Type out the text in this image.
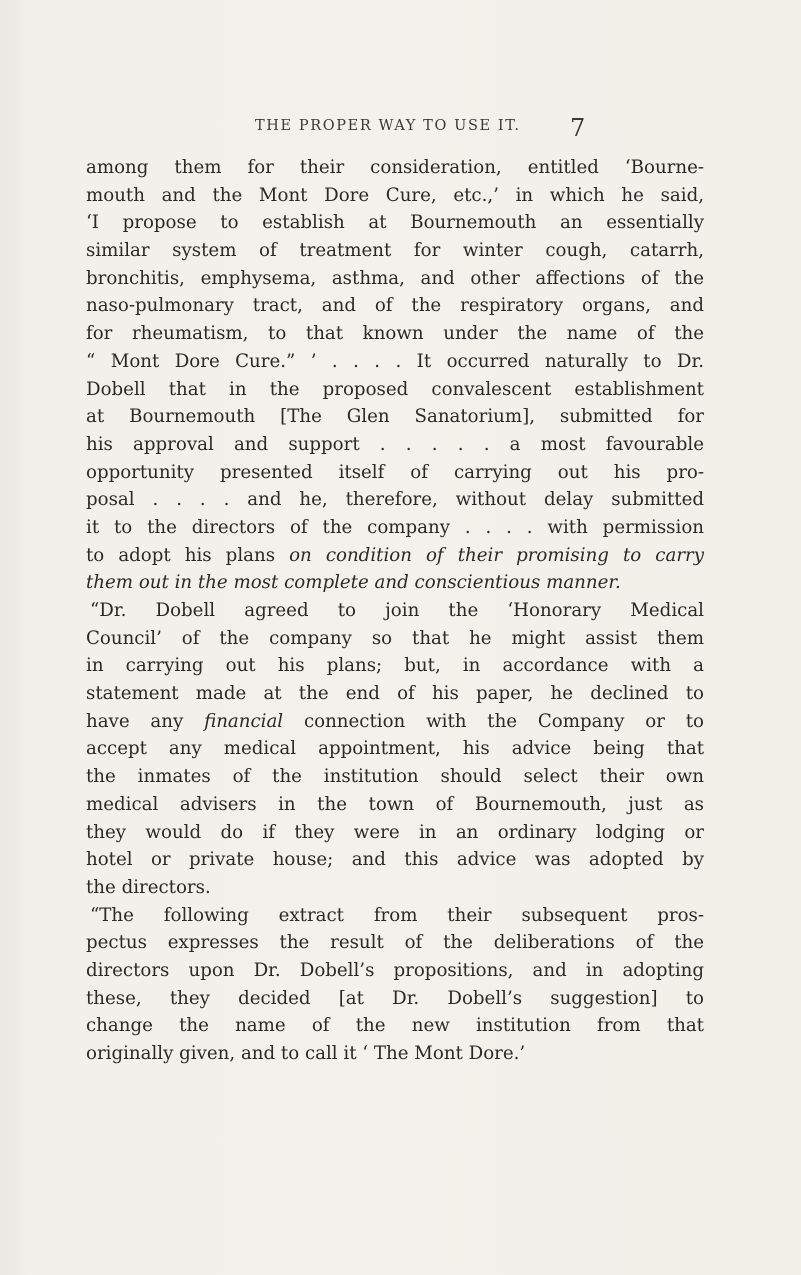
THE PROPER WAY TO USE IT. 7
among them for their consideration, entitled ‘Bourne-
mouth and the Mont Dore Cure, etc.,’ in which he said,
‘I propose to establish at Bournemouth an essentially
similar system of treatment for winter cough, catarrh,
bronchitis, emphysema, asthma, and other affections of the
naso-pulmonary tract, and of the respiratory organs, and
for rheumatism, to that known under the name of the
“ Mont Dore Cure.” ’ . . . . It occurred naturally to Dr.
Dobell that in the proposed convalescent establishment
at Bournemouth [The Glen Sanatorium], submitted for
his approval and support . . . . . a most favourable
opportunity presented itself of carrying out his pro-
posal . . . . and he, therefore, without delay submitted
it to the directors of the company . . . . with permission
to adopt his plans on condition of their promising to carry
them out in the most complete and conscientious manner.
“Dr. Dobell agreed to join the ‘Honorary Medical
Council’ of the company so that he might assist them
in carrying out his plans; but, in accordance with a
statement made at the end of his paper, he declined to
have any financial connection with the Company or to
accept any medical appointment, his advice being that
the inmates of the institution should select their own
medical advisers in the town of Bournemouth, just as
they would do if they were in an ordinary lodging or
hotel or private house; and this advice was adopted by
the directors.
“The following extract from their subsequent pros-
pectus expresses the result of the deliberations of the
directors upon Dr. Dobell’s propositions, and in adopting
these, they decided [at Dr. Dobell’s suggestion] to
change the name of the new institution from that
originally given, and to call it ‘ The Mont Dore.’
